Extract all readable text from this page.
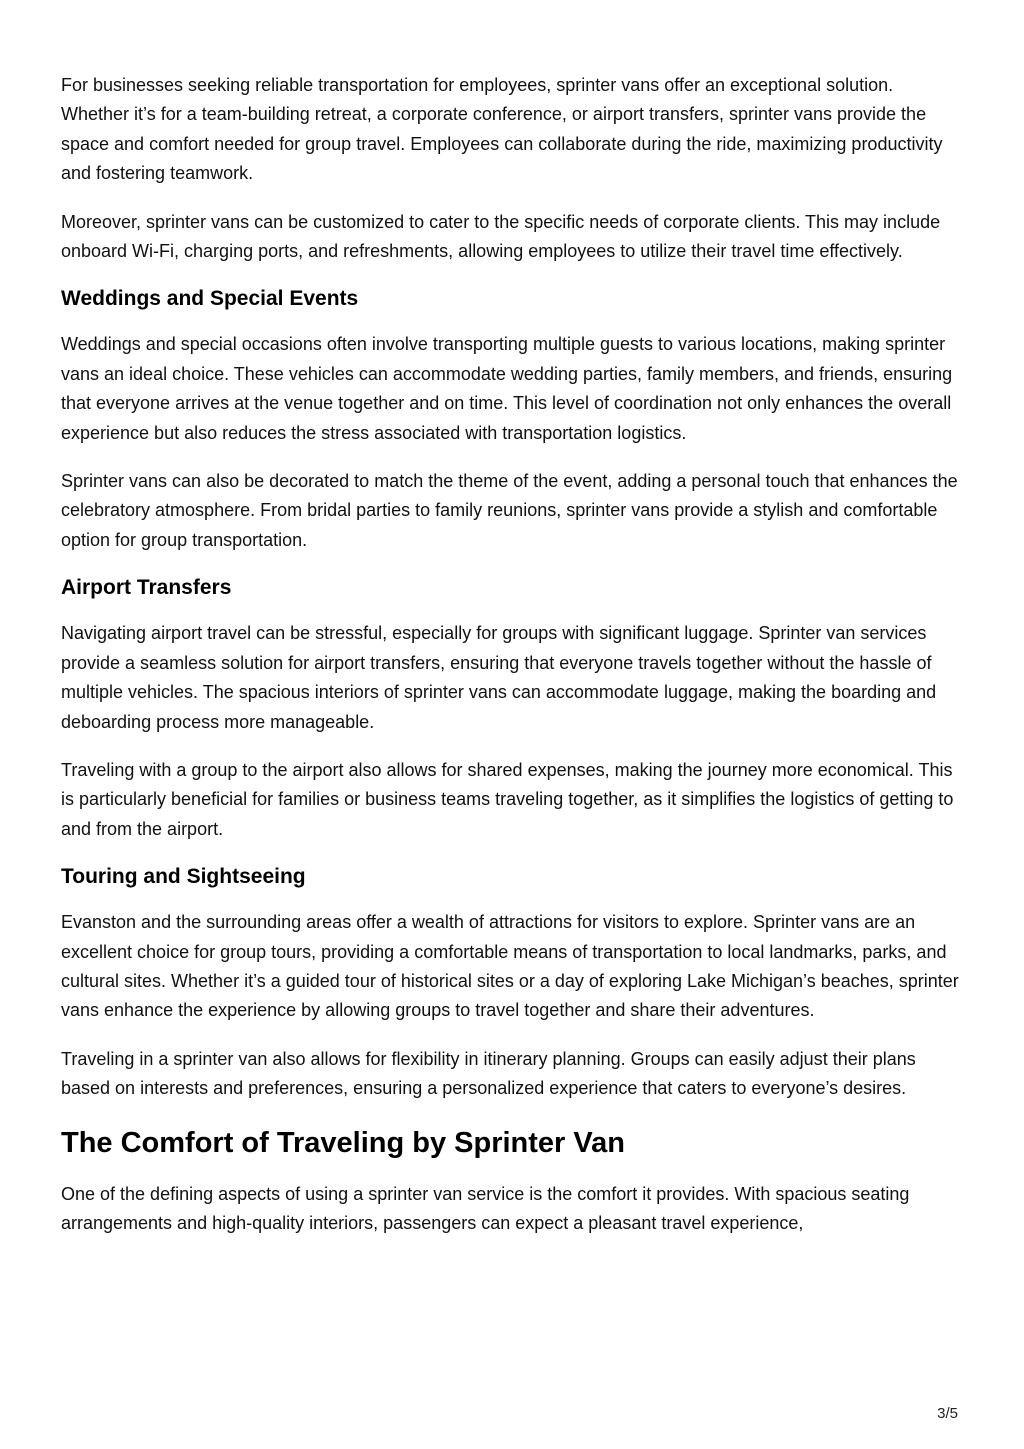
For businesses seeking reliable transportation for employees, sprinter vans offer an exceptional solution. Whether it’s for a team-building retreat, a corporate conference, or airport transfers, sprinter vans provide the space and comfort needed for group travel. Employees can collaborate during the ride, maximizing productivity and fostering teamwork.

Moreover, sprinter vans can be customized to cater to the specific needs of corporate clients. This may include onboard Wi-Fi, charging ports, and refreshments, allowing employees to utilize their travel time effectively.

Weddings and Special Events

Weddings and special occasions often involve transporting multiple guests to various locations, making sprinter vans an ideal choice. These vehicles can accommodate wedding parties, family members, and friends, ensuring that everyone arrives at the venue together and on time. This level of coordination not only enhances the overall experience but also reduces the stress associated with transportation logistics.

Sprinter vans can also be decorated to match the theme of the event, adding a personal touch that enhances the celebratory atmosphere. From bridal parties to family reunions, sprinter vans provide a stylish and comfortable option for group transportation.

Airport Transfers

Navigating airport travel can be stressful, especially for groups with significant luggage. Sprinter van services provide a seamless solution for airport transfers, ensuring that everyone travels together without the hassle of multiple vehicles. The spacious interiors of sprinter vans can accommodate luggage, making the boarding and deboarding process more manageable.

Traveling with a group to the airport also allows for shared expenses, making the journey more economical. This is particularly beneficial for families or business teams traveling together, as it simplifies the logistics of getting to and from the airport.

Touring and Sightseeing

Evanston and the surrounding areas offer a wealth of attractions for visitors to explore. Sprinter vans are an excellent choice for group tours, providing a comfortable means of transportation to local landmarks, parks, and cultural sites. Whether it’s a guided tour of historical sites or a day of exploring Lake Michigan’s beaches, sprinter vans enhance the experience by allowing groups to travel together and share their adventures.

Traveling in a sprinter van also allows for flexibility in itinerary planning. Groups can easily adjust their plans based on interests and preferences, ensuring a personalized experience that caters to everyone’s desires.

The Comfort of Traveling by Sprinter Van

One of the defining aspects of using a sprinter van service is the comfort it provides. With spacious seating arrangements and high-quality interiors, passengers can expect a pleasant travel experience,

3/5
